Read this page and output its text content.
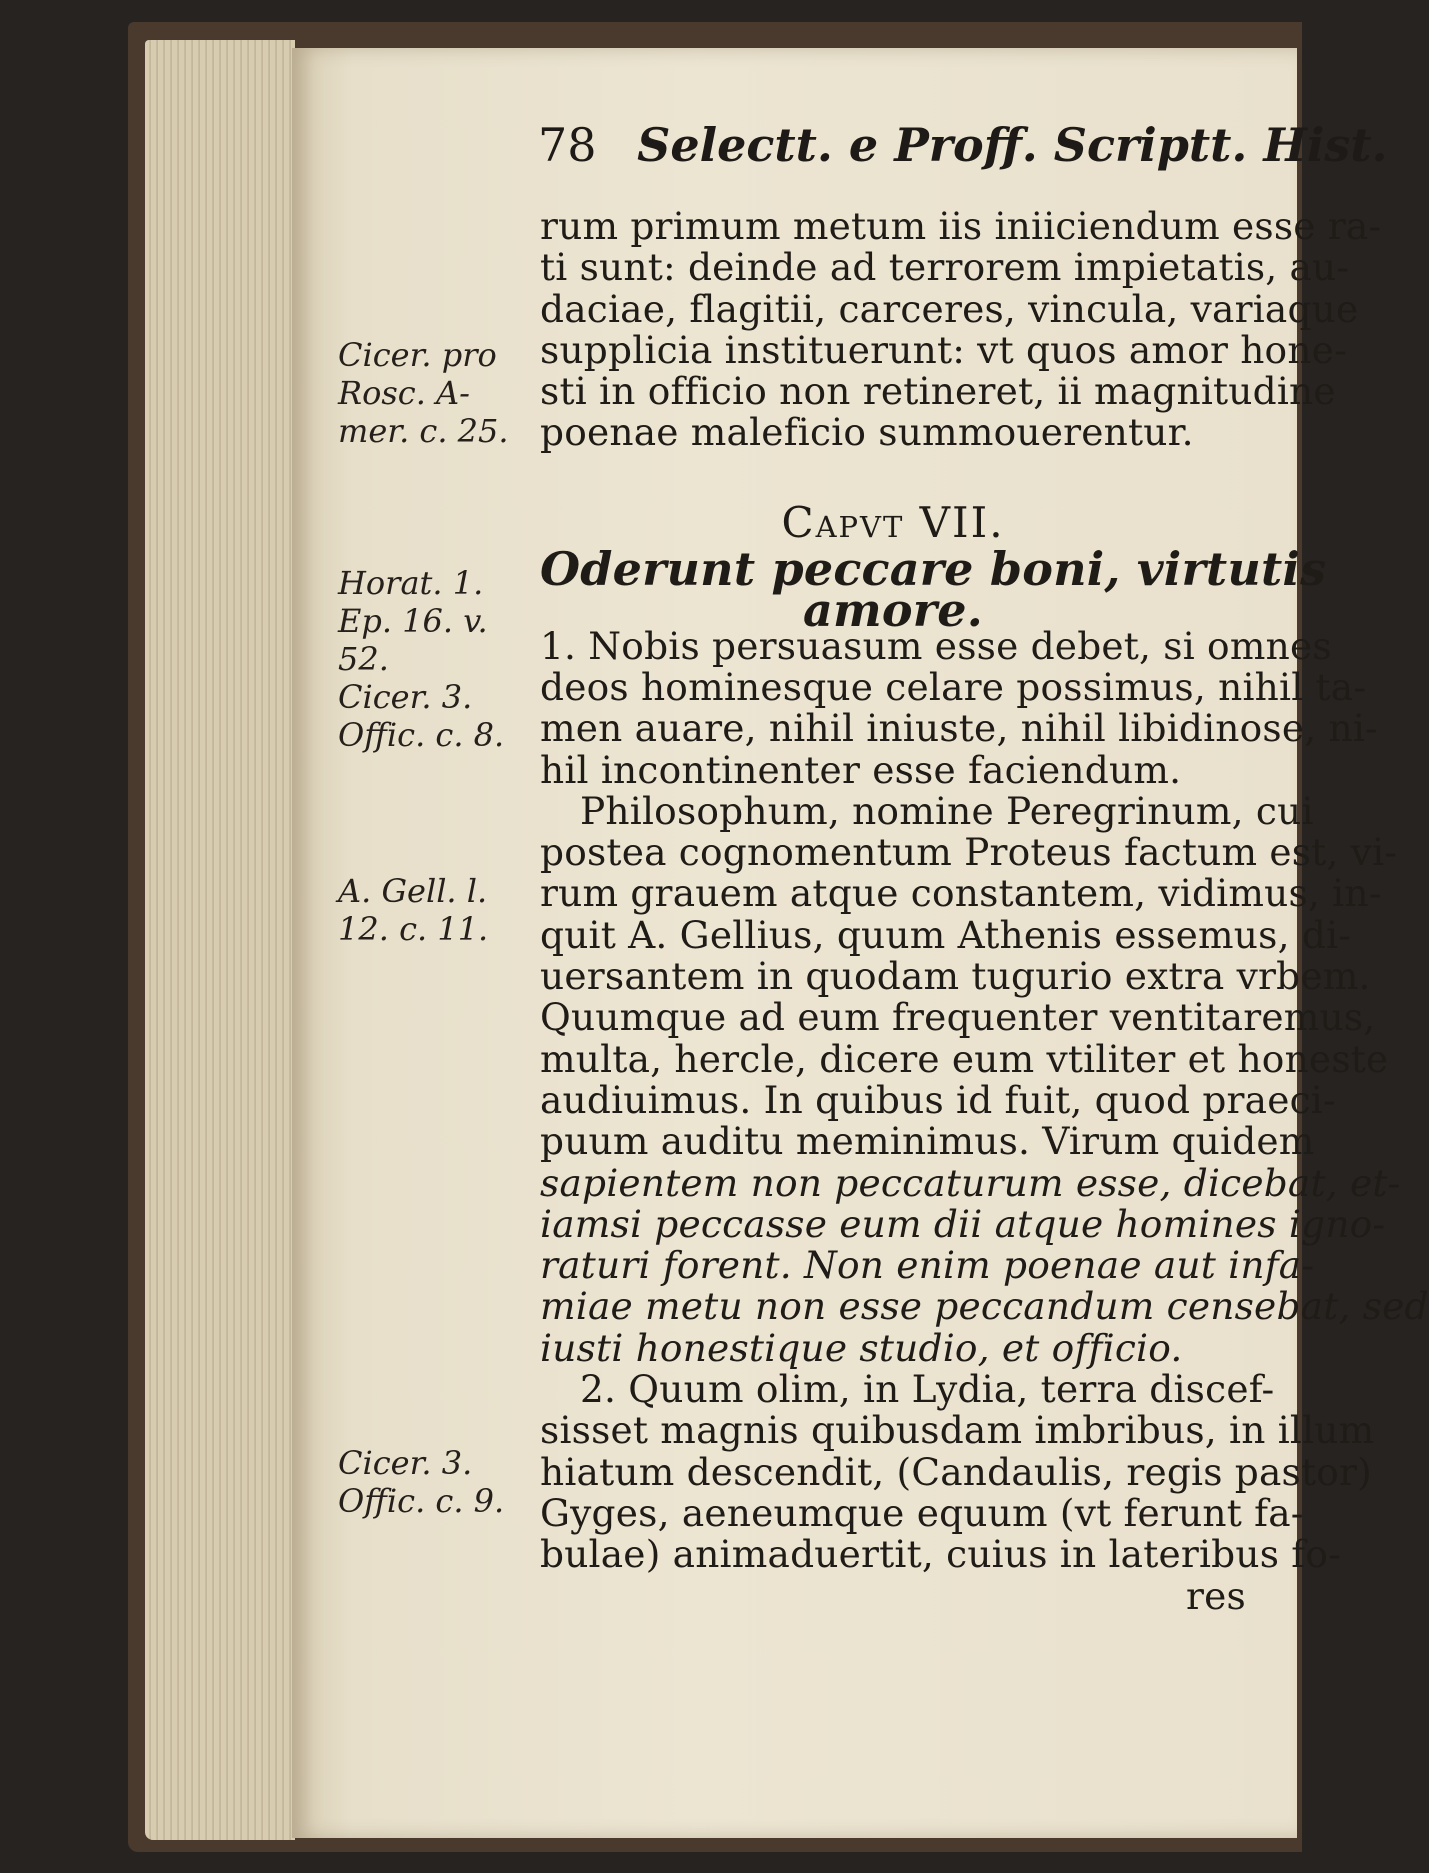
78 Selectt. e Proff. Scriptt. Hist.
rum primum metum iis iniiciendum esse ra-
ti sunt: deinde ad terrorem impietatis, au-
daciae, flagitii, carceres, vincula, variaque
supplicia instituerunt: vt quos amor hone-
sti in officio non retineret, ii magnitudine
poenae maleficio summouerentur.
Capvt VII.
Oderunt peccare boni, virtutis
amore.
1. Nobis persuasum esse debet, si omnes
deos hominesque celare possimus, nihil ta-
men auare, nihil iniuste, nihil libidinose, ni-
hil incontinenter esse faciendum.
Philosophum, nomine Peregrinum, cui
postea cognomentum Proteus factum est, vi-
rum grauem atque constantem, vidimus, in-
quit A. Gellius, quum Athenis essemus, di-
uersantem in quodam tugurio extra vrbem.
Quumque ad eum frequenter ventitaremus,
multa, hercle, dicere eum vtiliter et honeste
audiuimus. In quibus id fuit, quod praeci-
puum auditu meminimus. Virum quidem
sapientem non peccaturum esse, dicebat, et-
iamsi peccasse eum dii atque homines igno-
raturi forent. Non enim poenae aut infa-
miae metu non esse peccandum censebat, sed
iusti honestique studio, et officio.
2. Quum olim, in Lydia, terra discef-
sisset magnis quibusdam imbribus, in illum
hiatum descendit, (Candaulis, regis pastor)
Gyges, aeneumque equum (vt ferunt fa-
bulae) animaduertit, cuius in lateribus fo-
res
Cicer. pro
Rosc. A-
mer. c. 25.
Horat. 1.
Ep. 16. v.
52.
Cicer. 3.
Offic. c. 8.
A. Gell. l.
12. c. 11.
Cicer. 3.
Offic. c. 9.
